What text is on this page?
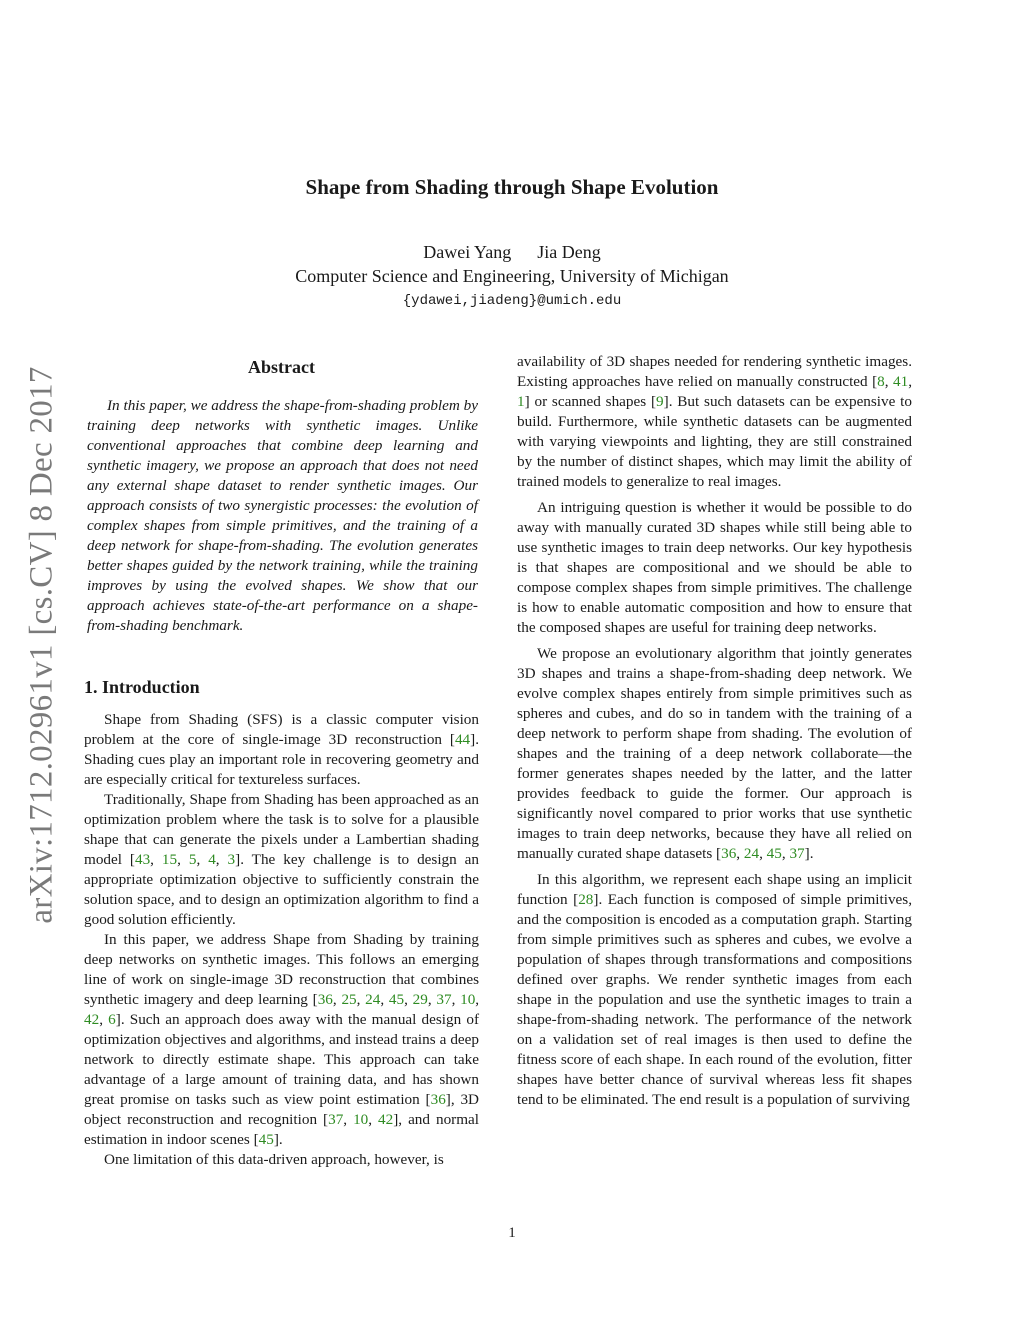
Shape from Shading through Shape Evolution
Dawei Yang Jia Deng
Computer Science and Engineering, University of Michigan
{ydawei,jiadeng}@umich.edu
arXiv:1712.02961v1 [cs.CV] 8 Dec 2017	Abstract

In this paper, we address the shape-from-shading problem by training deep networks with synthetic images. Unlike conventional approaches that combine deep learning and synthetic imagery, we propose an approach that does not need any external shape dataset to render synthetic images. Our approach consists of two synergistic processes: the evolution of complex shapes from simple primitives, and the training of a deep network for shape-from-shading. The evolution generates better shapes guided by the network training, while the training improves by using the evolved shapes. We show that our approach achieves state-of-the-art performance on a shape-from-shading benchmark.

1. Introduction

Shape from Shading (SFS) is a classic computer vision problem at the core of single-image 3D reconstruction [44]. Shading cues play an important role in recovering geometry and are especially critical for textureless surfaces.

Traditionally, Shape from Shading has been approached as an optimization problem where the task is to solve for a plausible shape that can generate the pixels under a Lambertian shading model [43, 15, 5, 4, 3]. The key challenge is to design an appropriate optimization objective to sufficiently constrain the solution space, and to design an optimization algorithm to find a good solution efficiently.

In this paper, we address Shape from Shading by training deep networks on synthetic images. This follows an emerging line of work on single-image 3D reconstruction that combines synthetic imagery and deep learning [36, 25, 24, 45, 29, 37, 10, 42, 6]. Such an approach does away with the manual design of optimization objectives and algorithms, and instead trains a deep network to directly estimate shape. This approach can take advantage of a large amount of training data, and has shown great promise on tasks such as view point estimation [36], 3D object reconstruction and recognition [37, 10, 42], and normal estimation in indoor scenes [45].

One limitation of this data-driven approach, however, is

availability of 3D shapes needed for rendering synthetic images. Existing approaches have relied on manually constructed [8, 41, 1] or scanned shapes [9]. But such datasets can be expensive to build. Furthermore, while synthetic datasets can be augmented with varying viewpoints and lighting, they are still constrained by the number of distinct shapes, which may limit the ability of trained models to generalize to real images.

An intriguing question is whether it would be possible to do away with manually curated 3D shapes while still being able to use synthetic images to train deep networks. Our key hypothesis is that shapes are compositional and we should be able to compose complex shapes from simple primitives. The challenge is how to enable automatic composition and how to ensure that the composed shapes are useful for training deep networks.

We propose an evolutionary algorithm that jointly generates 3D shapes and trains a shape-from-shading deep network. We evolve complex shapes entirely from simple primitives such as spheres and cubes, and do so in tandem with the training of a deep network to perform shape from shading. The evolution of shapes and the training of a deep network collaborate—the former generates shapes needed by the latter, and the latter provides feedback to guide the former. Our approach is significantly novel compared to prior works that use synthetic images to train deep networks, because they have all relied on manually curated shape datasets [36, 24, 45, 37].

In this algorithm, we represent each shape using an implicit function [28]. Each function is composed of simple primitives, and the composition is encoded as a computation graph. Starting from simple primitives such as spheres and cubes, we evolve a population of shapes through transformations and compositions defined over graphs. We render synthetic images from each shape in the population and use the synthetic images to train a shape-from-shading network. The performance of the network on a validation set of real images is then used to define the fitness score of each shape. In each round of the evolution, fitter shapes have better chance of survival whereas less fit shapes tend to be eliminated. The end result is a population of surviving

1
